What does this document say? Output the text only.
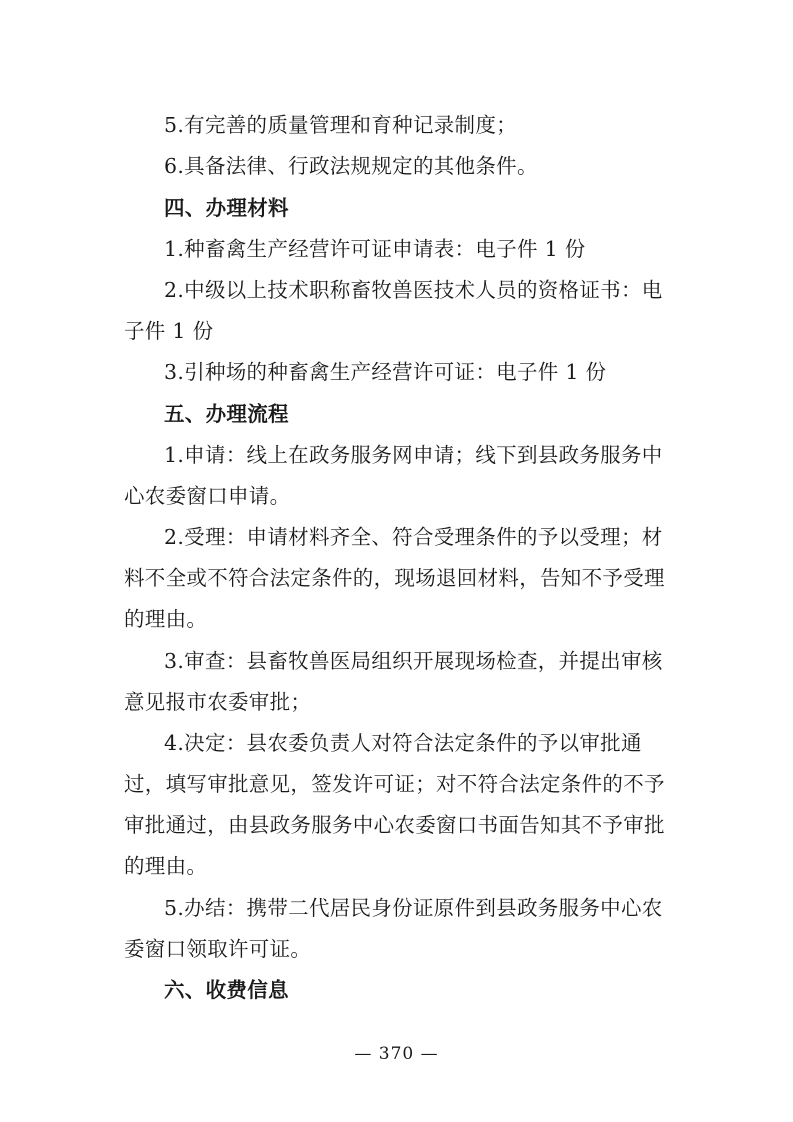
5.有完善的质量管理和育种记录制度；
6.具备法律、行政法规规定的其他条件。
四、办理材料
1.种畜禽生产经营许可证申请表：电子件 1 份
2.中级以上技术职称畜牧兽医技术人员的资格证书：电
子件 1 份
3.引种场的种畜禽生产经营许可证：电子件 1 份
五、办理流程
1.申请：线上在政务服务网申请；线下到县政务服务中
心农委窗口申请。
2.受理：申请材料齐全、符合受理条件的予以受理；材
料不全或不符合法定条件的，现场退回材料，告知不予受理
的理由。
3.审查：县畜牧兽医局组织开展现场检查，并提出审核
意见报市农委审批；
4.决定：县农委负责人对符合法定条件的予以审批通
过，填写审批意见，签发许可证；对不符合法定条件的不予
审批通过，由县政务服务中心农委窗口书面告知其不予审批
的理由。
5.办结：携带二代居民身份证原件到县政务服务中心农
委窗口领取许可证。
六、收费信息
— 370 —
